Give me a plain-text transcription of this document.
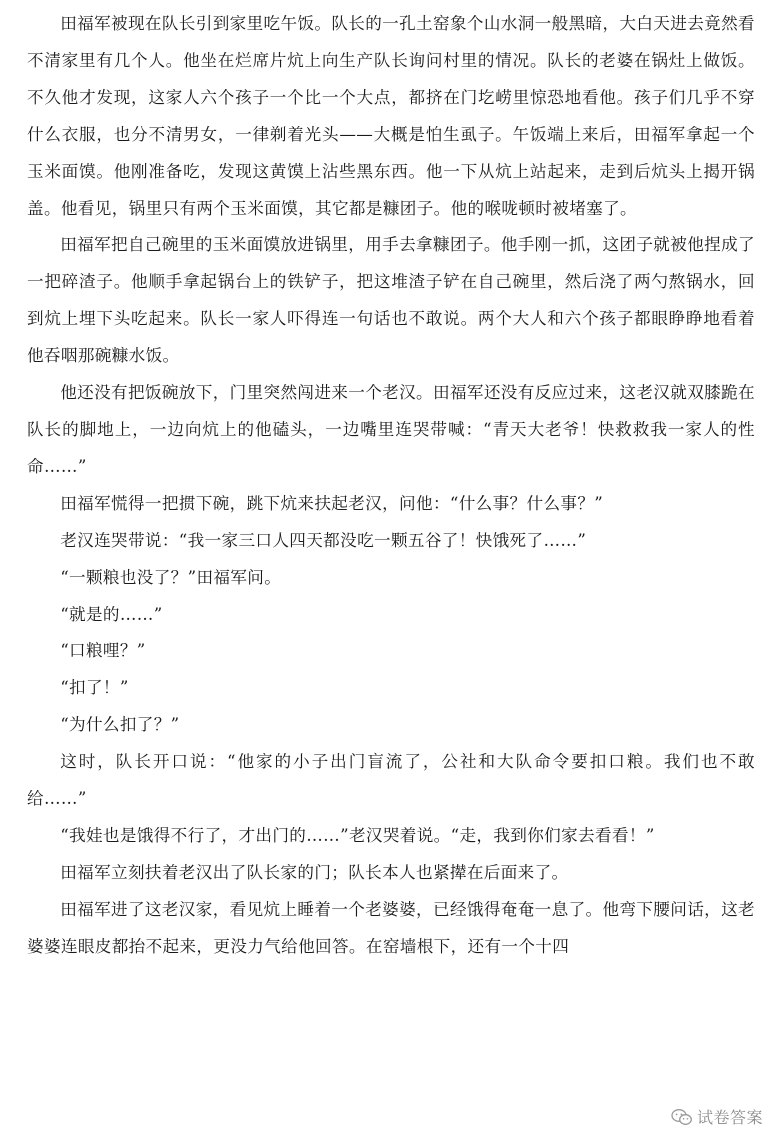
田福军被现在队长引到家里吃午饭。队长的一孔土窑象个山水洞一般黑暗，大白天进去竟然看不清家里有几个人。他坐在烂席片炕上向生产队长询问村里的情况。队长的老婆在锅灶上做饭。不久他才发现，这家人六个孩子一个比一个大点，都挤在门圪崂里惊恐地看他。孩子们几乎不穿什么衣服，也分不清男女，一律剃着光头——大概是怕生虱子。午饭端上来后，田福军拿起一个玉米面馍。他刚准备吃，发现这黄馍上沾些黑东西。他一下从炕上站起来，走到后炕头上揭开锅盖。他看见，锅里只有两个玉米面馍，其它都是糠团子。他的喉咙顿时被堵塞了。

田福军把自己碗里的玉米面馍放进锅里，用手去拿糠团子。他手刚一抓，这团子就被他捏成了一把碎渣子。他顺手拿起锅台上的铁铲子，把这堆渣子铲在自己碗里，然后浇了两勺熬锅水，回到炕上埋下头吃起来。队长一家人吓得连一句话也不敢说。两个大人和六个孩子都眼睁睁地看着他吞咽那碗糠水饭。

他还没有把饭碗放下，门里突然闯进来一个老汉。田福军还没有反应过来，这老汉就双膝跪在队长的脚地上，一边向炕上的他磕头，一边嘴里连哭带喊：“青天大老爷！快救救我一家人的性命……”

田福军慌得一把掼下碗，跳下炕来扶起老汉，问他：“什么事？什么事？”

老汉连哭带说：“我一家三口人四天都没吃一颗五谷了！快饿死了……”

“一颗粮也没了？”田福军问。

“就是的……”

“口粮哩？”

“扣了！”

“为什么扣了？”

这时，队长开口说：“他家的小子出门盲流了，公社和大队命令要扣口粮。我们也不敢给……”

“我娃也是饿得不行了，才出门的……”老汉哭着说。“走，我到你们家去看看！”

田福军立刻扶着老汉出了队长家的门；队长本人也紧撵在后面来了。

田福军进了这老汉家，看见炕上睡着一个老婆婆，已经饿得奄奄一息了。他弯下腰问话，这老婆婆连眼皮都抬不起来，更没力气给他回答。在窑墙根下，还有一个十四

试卷答案
